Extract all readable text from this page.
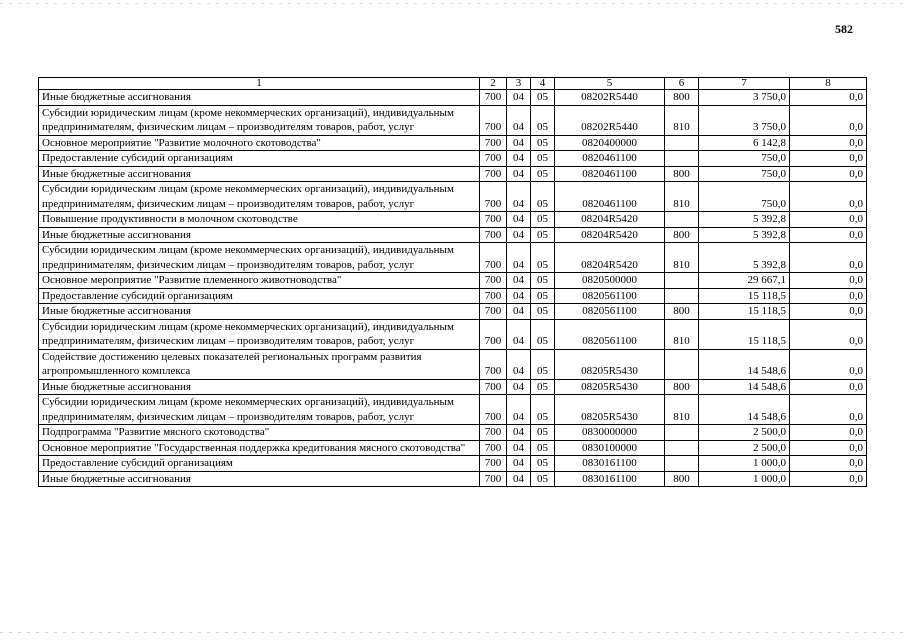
582
1	2	3	4	5	6	7	8
Иные бюджетные ассигнования	700	04	05	08202R5440	800	3 750,0	0,0
Субсидии юридическим лицам (кроме некоммерческих организаций), индивидуальным предпринимателям, физическим лицам – производителям товаров, работ, услуг	700	04	05	08202R5440	810	3 750,0	0,0
Основное мероприятие "Развитие молочного скотоводства"	700	04	05	0820400000		6 142,8	0,0
Предоставление субсидий организациям	700	04	05	0820461100		750,0	0,0
Иные бюджетные ассигнования	700	04	05	0820461100	800	750,0	0,0
Субсидии юридическим лицам (кроме некоммерческих организаций), индивидуальным предпринимателям, физическим лицам – производителям товаров, работ, услуг	700	04	05	0820461100	810	750,0	0,0
Повышение продуктивности в молочном скотоводстве	700	04	05	08204R5420		5 392,8	0,0
Иные бюджетные ассигнования	700	04	05	08204R5420	800	5 392,8	0,0
Субсидии юридическим лицам (кроме некоммерческих организаций), индивидуальным предпринимателям, физическим лицам – производителям товаров, работ, услуг	700	04	05	08204R5420	810	5 392,8	0,0
Основное мероприятие "Развитие племенного животноводства"	700	04	05	0820500000		29 667,1	0,0
Предоставление субсидий организациям	700	04	05	0820561100		15 118,5	0,0
Иные бюджетные ассигнования	700	04	05	0820561100	800	15 118,5	0,0
Субсидии юридическим лицам (кроме некоммерческих организаций), индивидуальным предпринимателям, физическим лицам – производителям товаров, работ, услуг	700	04	05	0820561100	810	15 118,5	0,0
Содействие достижению целевых показателей региональных программ развития агропромышленного комплекса	700	04	05	08205R5430		14 548,6	0,0
Иные бюджетные ассигнования	700	04	05	08205R5430	800	14 548,6	0,0
Субсидии юридическим лицам (кроме некоммерческих организаций), индивидуальным предпринимателям, физическим лицам – производителям товаров, работ, услуг	700	04	05	08205R5430	810	14 548,6	0,0
Подпрограмма "Развитие мясного скотоводства"	700	04	05	0830000000		2 500,0	0,0
Основное мероприятие "Государственная поддержка кредитования мясного скотоводства"	700	04	05	0830100000		2 500,0	0,0
Предоставление субсидий организациям	700	04	05	0830161100		1 000,0	0,0
Иные бюджетные ассигнования	700	04	05	0830161100	800	1 000,0	0,0
